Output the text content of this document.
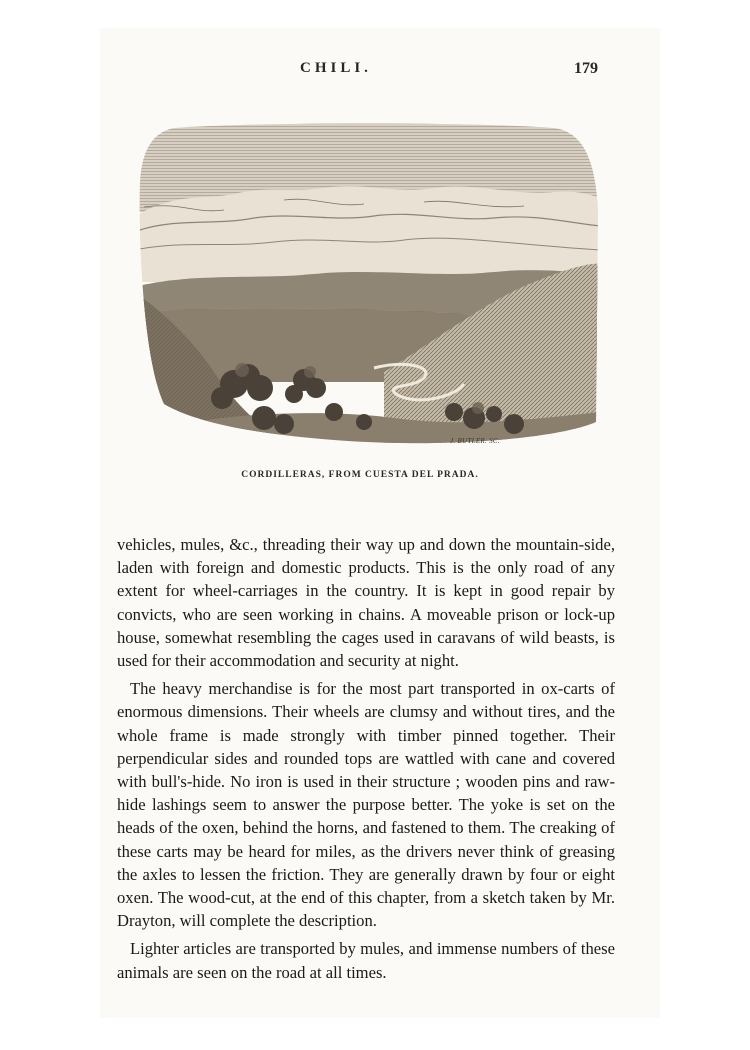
CHILI.	179
J. BUTLER. SC.
CORDILLERAS, FROM CUESTA DEL PRADA.

vehicles, mules, &c., threading their way up and down the mountain-side, laden with foreign and domestic products. This is the only road of any extent for wheel-carriages in the country. It is kept in good repair by convicts, who are seen working in chains. A moveable prison or lock-up house, somewhat resembling the cages used in caravans of wild beasts, is used for their accommodation and security at night.

The heavy merchandise is for the most part transported in ox-carts of enormous dimensions. Their wheels are clumsy and without tires, and the whole frame is made strongly with timber pinned together. Their perpendicular sides and rounded tops are wattled with cane and covered with bull's-hide. No iron is used in their structure ; wooden pins and raw-hide lashings seem to answer the purpose better. The yoke is set on the heads of the oxen, behind the horns, and fastened to them. The creaking of these carts may be heard for miles, as the drivers never think of greasing the axles to lessen the friction. They are generally drawn by four or eight oxen. The wood-cut, at the end of this chapter, from a sketch taken by Mr. Drayton, will complete the description.

Lighter articles are transported by mules, and immense numbers of these animals are seen on the road at all times.
